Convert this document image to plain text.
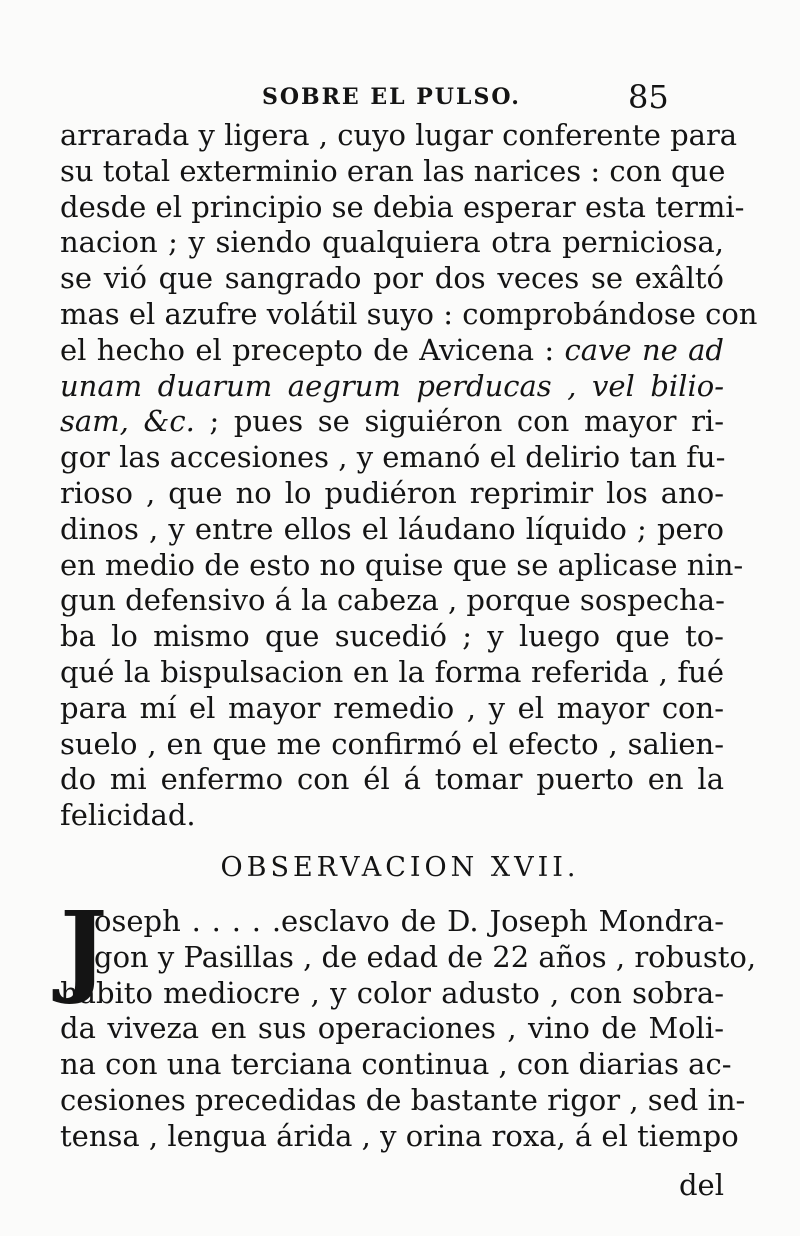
SOBRE EL PULSO.	85
arrarada y ligera , cuyo lugar conferente para
su total exterminio eran las narices : con que
desde el principio se debia esperar esta termi-
nacion ; y siendo qualquiera otra perniciosa,
se vió que sangrado por dos veces se exâltó
mas el azufre volátil suyo : comprobándose con
el hecho el precepto de Avicena : cave ne ad
unam duarum aegrum perducas , vel bilio-
sam, &c. ; pues se siguiéron con mayor ri-
gor las accesiones , y emanó el delirio tan fu-
rioso , que no lo pudiéron reprimir los ano-
dinos , y entre ellos el láudano líquido ; pero
en medio de esto no quise que se aplicase nin-
gun defensivo á la cabeza , porque sospecha-
ba lo mismo que sucedió ; y luego que to-
qué la bispulsacion en la forma referida , fué
para mí el mayor remedio , y el mayor con-
suelo , en que me confirmó el efecto , salien-
do mi enfermo con él á tomar puerto en la
felicidad.
OBSERVACION XVII.
J
oseph . . . . .esclavo de D. Joseph Mondra-
gon y Pasillas , de edad de 22 años , robusto,
hábito mediocre , y color adusto , con sobra-
da viveza en sus operaciones , vino de Moli-
na con una terciana continua , con diarias ac-
cesiones precedidas de bastante rigor , sed in-
tensa , lengua árida , y orina roxa, á el tiempo
del
